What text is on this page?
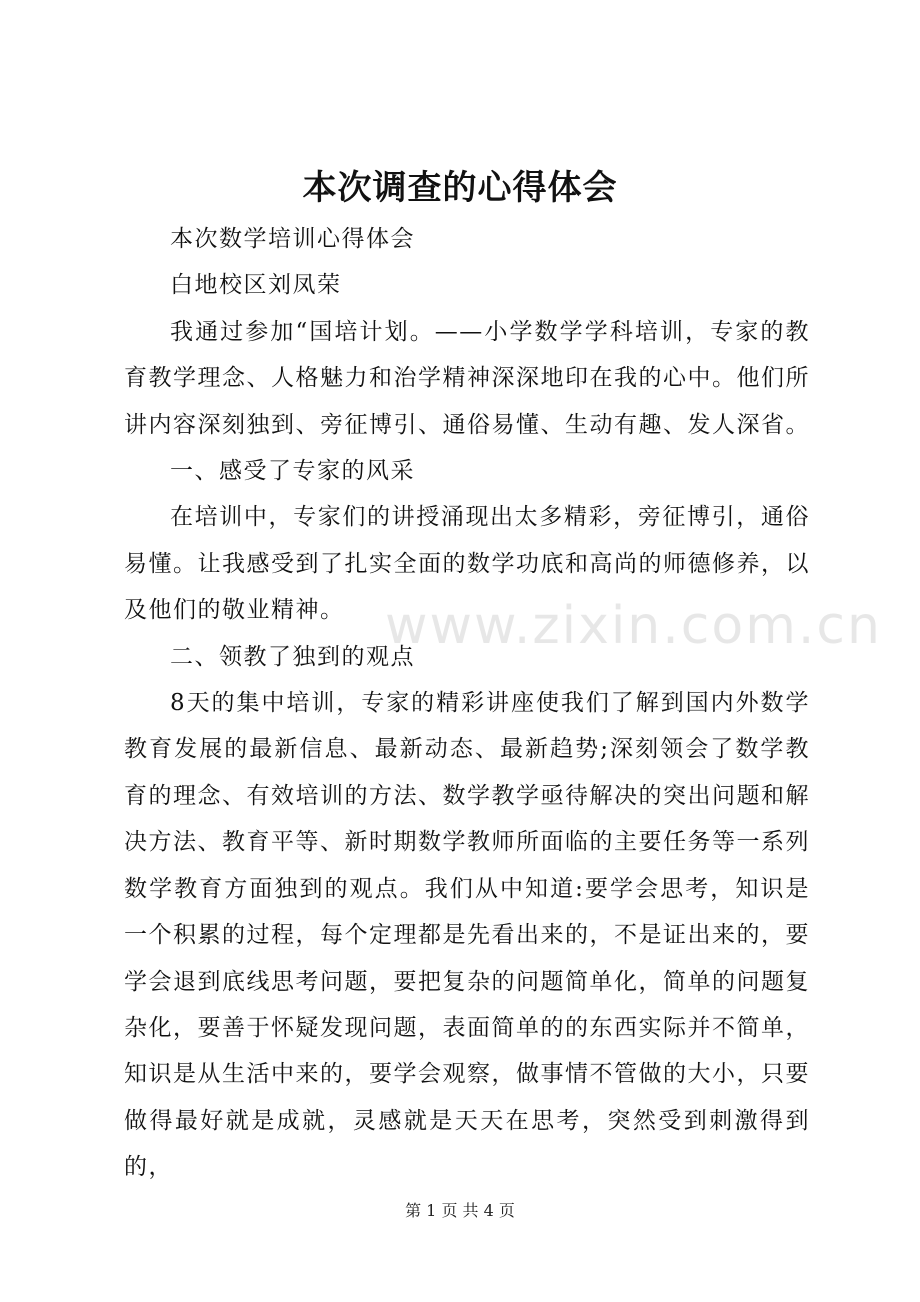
本次调查的心得体会

本次数学培训心得体会

白地校区刘凤荣

我通过参加“国培计划。——小学数学学科培训，专家的教育教学理念、人格魅力和治学精神深深地印在我的心中。他们所讲内容深刻独到、旁征博引、通俗易懂、生动有趣、发人深省。

一、感受了专家的风采

在培训中，专家们的讲授涌现出太多精彩，旁征博引，通俗易懂。让我感受到了扎实全面的数学功底和高尚的师德修养，以及他们的敬业精神。

二、领教了独到的观点

8天的集中培训，专家的精彩讲座使我们了解到国内外数学教育发展的最新信息、最新动态、最新趋势;深刻领会了数学教育的理念、有效培训的方法、数学教学亟待解决的突出问题和解决方法、教育平等、新时期数学教师所面临的主要任务等一系列数学教育方面独到的观点。我们从中知道:要学会思考，知识是一个积累的过程，每个定理都是先看出来的，不是证出来的，要学会退到底线思考问题，要把复杂的问题简单化，简单的问题复杂化，要善于怀疑发现问题，表面简单的的东西实际并不简单，知识是从生活中来的，要学会观察，做事情不管做的大小，只要做得最好就是成就，灵感就是天天在思考，突然受到刺激得到的，

www.zixin.com.cn
第 1 页 共 4 页
